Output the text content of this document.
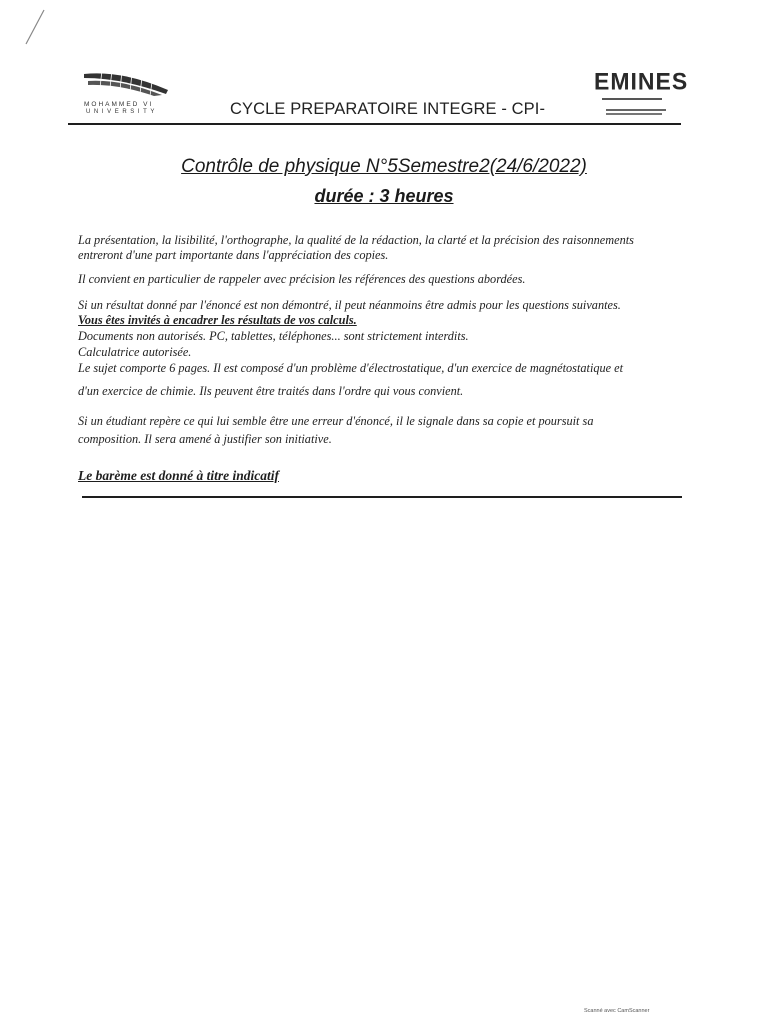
MOHAMMED VI
UNIVERSITY	CYCLE PREPARATOIRE INTEGRE - CPI-
EMINES
Contrôle de physique N°5Semestre2(24/6/2022)
durée : 3 heures
La présentation, la lisibilité, l'orthographe, la qualité de la rédaction, la clarté et la précision des raisonnements
entreront d'une part importante dans l'appréciation des copies.
Il convient en particulier de rappeler avec précision les références des questions abordées.
Si un résultat donné par l'énoncé est non démontré, il peut néanmoins être admis pour les questions suivantes.
Vous êtes invités à encadrer les résultats de vos calculs.
Documents non autorisés. PC, tablettes, téléphones... sont strictement interdits.
Calculatrice autorisée.
Le sujet comporte 6 pages. Il est composé d'un problème d'électrostatique, d'un exercice de magnétostatique et
d'un exercice de chimie. Ils peuvent être traités dans l'ordre qui vous convient.
Si un étudiant repère ce qui lui semble être une erreur d'énoncé, il le signale dans sa copie et poursuit sa
composition. Il sera amené à justifier son initiative.
Le barème est donné à titre indicatif
Scanné avec CamScanner
